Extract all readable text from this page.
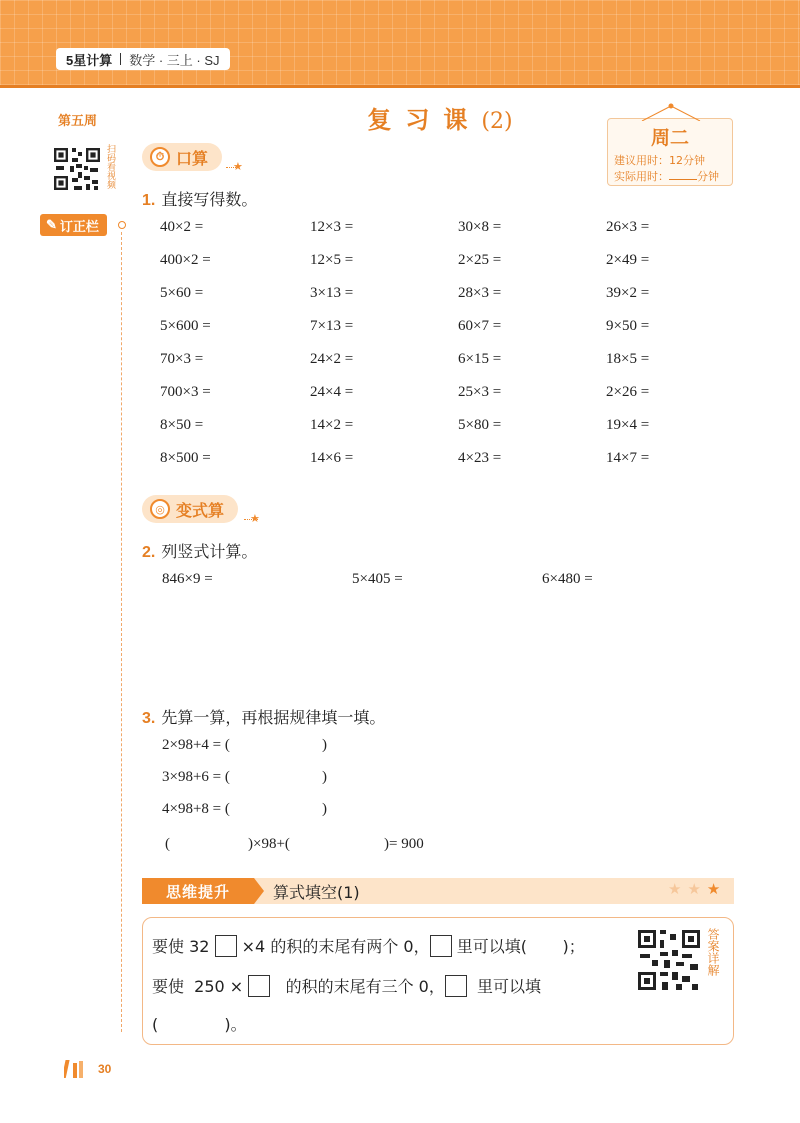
5星计算 数学 · 三上 · SJ
第五周
扫码看视频
✎ 订正栏
复习课(2)
周二
建议用时：12分钟
实际用时：	分钟
⏱ 口算 ★
1. 直接写得数。
40×2 =	12×3 =	30×8 =	26×3 =
400×2 =	12×5 =	2×25 =	2×49 =
5×60 =	3×13 =	28×3 =	39×2 =
5×600 =	7×13 =	60×7 =	9×50 =
70×3 =	24×2 =	6×15 =	18×5 =
700×3 =	24×4 =	25×3 =	2×26 =
8×50 =	14×2 =	5×80 =	19×4 =
8×500 =	14×6 =	4×23 =	14×7 =
◎ 变式算 ★
2. 列竖式计算。
846×9 =	5×405 =	6×480 =
3. 先算一算，再根据规律填一填。
2×98+4 = (	)
3×98+6 = (	)
4×98+8 = (	)
(	)×98+(	)= 900
思维提升	算式填空(1)	★★★
要使 32 ×4 的积的末尾有两个 0， 里可以填(       )；
要使  250 ×	的积的末尾有三个 0， 里可以填
(             )。
答案详解
30
